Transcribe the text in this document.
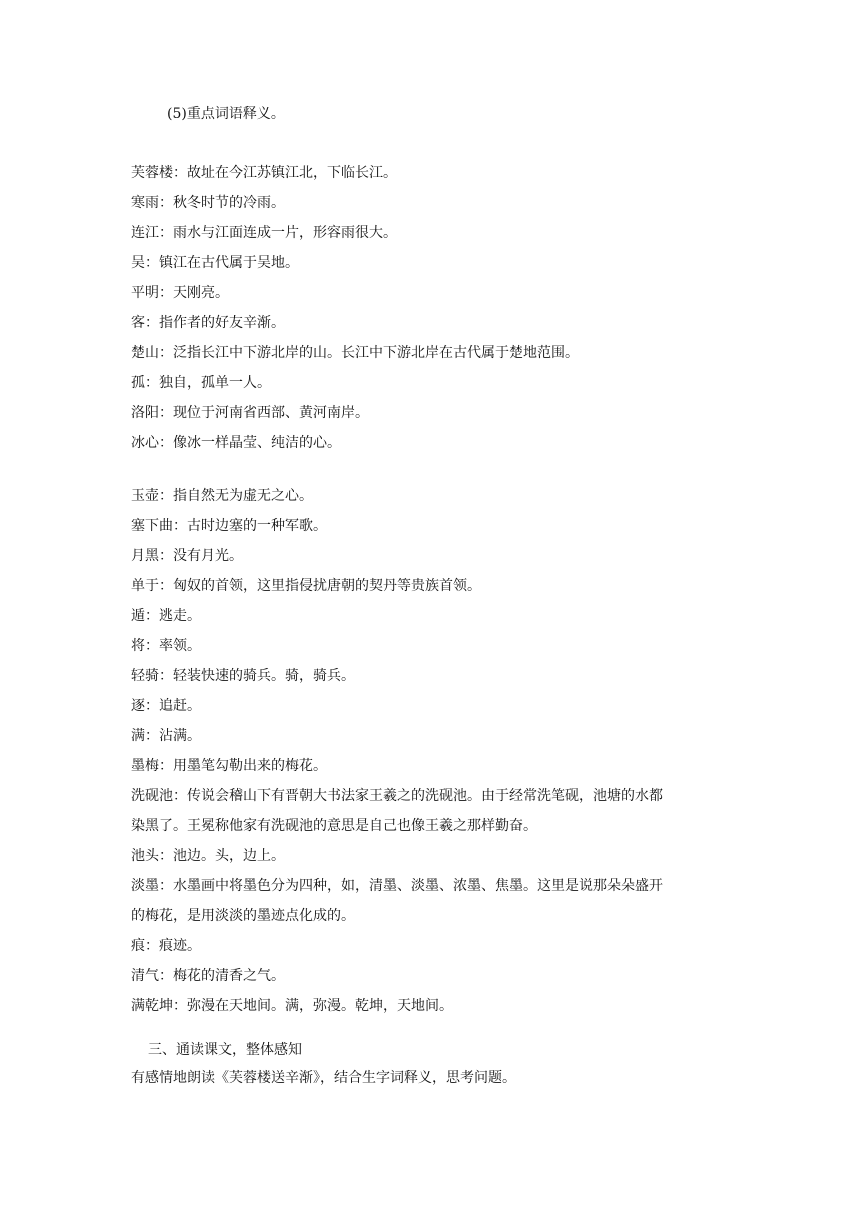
(5)重点词语释义。
芙蓉楼：故址在今江苏镇江北，下临长江。
寒雨：秋冬时节的冷雨。
连江：雨水与江面连成一片，形容雨很大。
吴：镇江在古代属于吴地。
平明：天刚亮。
客：指作者的好友辛渐。
楚山：泛指长江中下游北岸的山。长江中下游北岸在古代属于楚地范围。
孤：独自，孤单一人。
洛阳：现位于河南省西部、黄河南岸。
冰心：像冰一样晶莹、纯洁的心。
玉壶：指自然无为虚无之心。
塞下曲：古时边塞的一种军歌。
月黑：没有月光。
单于：匈奴的首领，这里指侵扰唐朝的契丹等贵族首领。
遁：逃走。
将：率领。
轻骑：轻装快速的骑兵。骑，骑兵。
逐：追赶。
满：沾满。
墨梅：用墨笔勾勒出来的梅花。
洗砚池：传说会稽山下有晋朝大书法家王羲之的洗砚池。由于经常洗笔砚，池塘的水都
染黑了。王冕称他家有洗砚池的意思是自己也像王羲之那样勤奋。
池头：池边。头，边上。
淡墨：水墨画中将墨色分为四种，如，清墨、淡墨、浓墨、焦墨。这里是说那朵朵盛开
的梅花，是用淡淡的墨迹点化成的。
痕：痕迹。
清气：梅花的清香之气。
满乾坤：弥漫在天地间。满，弥漫。乾坤，天地间。
三、通读课文，整体感知
有感情地朗读《芙蓉楼送辛渐》，结合生字词释义，思考问题。
